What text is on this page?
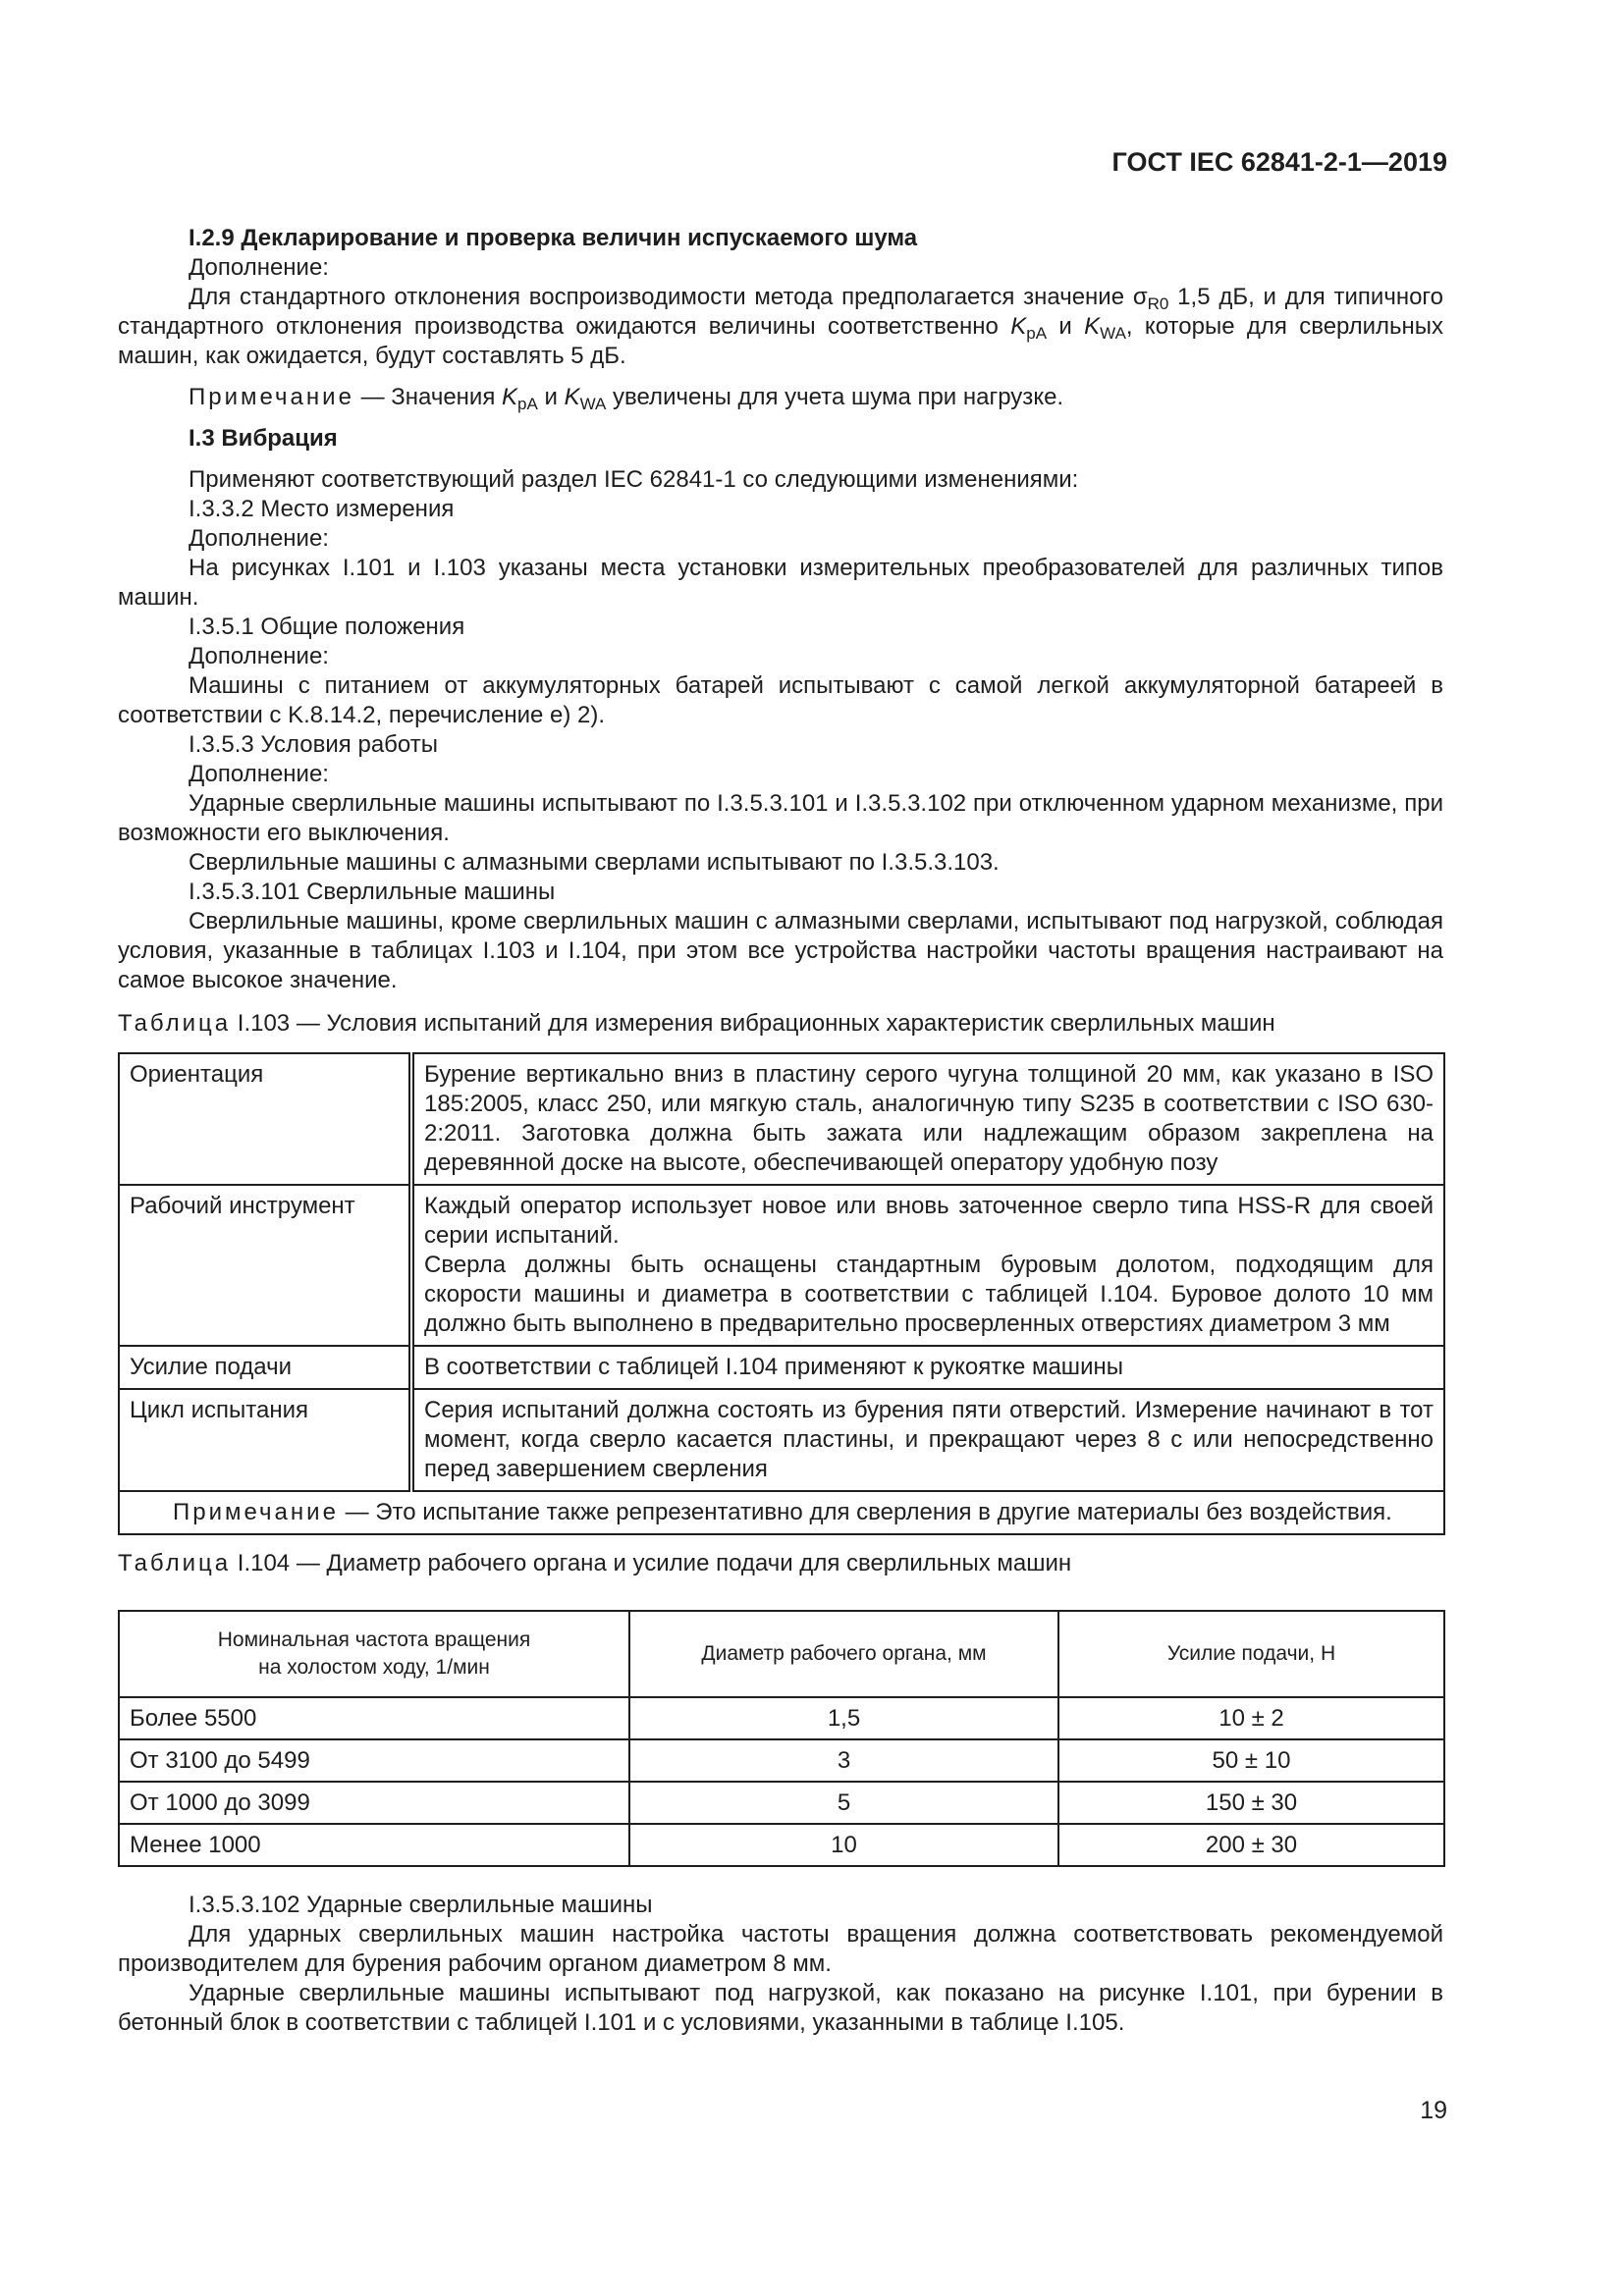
ГОСТ IEC 62841-2-1—2019

I.2.9 Декларирование и проверка величин испускаемого шума

Дополнение:

Для стандартного отклонения воспроизводимости метода предполагается значение $\sigma_{R0}$ 1,5 дБ, и для типичного стандартного отклонения производства ожидаются величины соответственно $K_{pA}$ и $K_{WA}$, которые для сверлильных машин, как ожидается, будут составлять 5 дБ.

Примечание — Значения $K_{pA}$ и $K_{WA}$ увеличены для учета шума при нагрузке.

I.3 Вибрация

Применяют соответствующий раздел IEC 62841-1 со следующими изменениями:

I.3.3.2 Место измерения

Дополнение:

На рисунках I.101 и I.103 указаны места установки измерительных преобразователей для различных типов машин.

I.3.5.1 Общие положения

Дополнение:

Машины с питанием от аккумуляторных батарей испытывают с самой легкой аккумуляторной батареей в соответствии с K.8.14.2, перечисление е) 2).

I.3.5.3 Условия работы

Дополнение:

Ударные сверлильные машины испытывают по I.3.5.3.101 и I.3.5.3.102 при отключенном ударном механизме, при возможности его выключения.

Сверлильные машины с алмазными сверлами испытывают по I.3.5.3.103.

I.3.5.3.101 Сверлильные машины

Сверлильные машины, кроме сверлильных машин с алмазными сверлами, испытывают под нагрузкой, соблюдая условия, указанные в таблицах I.103 и I.104, при этом все устройства настройки частоты вращения настраивают на самое высокое значение.

Таблица I.103 — Условия испытаний для измерения вибрационных характеристик сверлильных машин

Ориентация	Бурение вертикально вниз в пластину серого чугуна толщиной 20 мм, как указано в ISO 185:2005, класс 250, или мягкую сталь, аналогичную типу S235 в соответствии с ISO 630-2:2011. Заготовка должна быть зажата или надлежащим образом закреплена на деревянной доске на высоте, обеспечивающей оператору удобную позу
Рабочий инструмент	Каждый оператор использует новое или вновь заточенное сверло типа HSS-R для своей серии испытаний.
Сверла должны быть оснащены стандартным буровым долотом, подходящим для скорости машины и диаметра в соответствии с таблицей I.104. Буровое долото 10 мм должно быть выполнено в предварительно просверленных отверстиях диаметром 3 мм

Усилие подачи	В соответствии с таблицей I.104 применяют к рукоятке машины
Цикл испытания	Серия испытаний должна состоять из бурения пяти отверстий. Измерение начинают в тот момент, когда сверло касается пластины, и прекращают через 8 с или непосредственно перед завершением сверления
Примечание — Это испытание также репрезентативно для сверления в другие материалы без воздействия.	

Таблица I.104 — Диаметр рабочего органа и усилие подачи для сверлильных машин

Номинальная частота вращения
на холостом ходу, 1/мин	Диаметр рабочего органа, мм	Усилие подачи, Н
Более 5500	1,5	10 ± 2
От 3100 до 5499	3	50 ± 10
От 1000 до 3099	5	150 ± 30
Менее 1000	10	200 ± 30

I.3.5.3.102 Ударные сверлильные машины

Для ударных сверлильных машин настройка частоты вращения должна соответствовать рекомендуемой производителем для бурения рабочим органом диаметром 8 мм.

Ударные сверлильные машины испытывают под нагрузкой, как показано на рисунке I.101, при бурении в бетонный блок в соответствии с таблицей I.101 и с условиями, указанными в таблице I.105.

19
